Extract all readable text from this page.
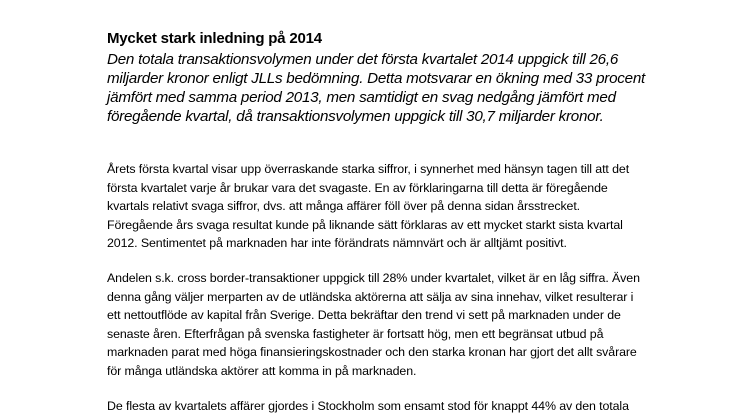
Mycket stark inledning på 2014

Den totala transaktionsvolymen under det första kvartalet 2014 uppgick till 26,6 miljarder kronor enligt JLLs bedömning. Detta motsvarar en ökning med 33 procent jämfört med samma period 2013, men samtidigt en svag nedgång jämfört med föregående kvartal, då transaktionsvolymen uppgick till 30,7 miljarder kronor.

Årets första kvartal visar upp överraskande starka siffror, i synnerhet med hänsyn tagen till att det första kvartalet varje år brukar vara det svagaste. En av förklaringarna till detta är föregående kvartals relativt svaga siffror, dvs. att många affärer föll över på denna sidan årsstrecket. Föregående års svaga resultat kunde på liknande sätt förklaras av ett mycket starkt sista kvartal 2012. Sentimentet på marknaden har inte förändrats nämnvärt och är alltjämt positivt.

Andelen s.k. cross border-transaktioner uppgick till 28% under kvartalet, vilket är en låg siffra. Även denna gång väljer merparten av de utländska aktörerna att sälja av sina innehav, vilket resulterar i ett nettoutflöde av kapital från Sverige. Detta bekräftar den trend vi sett på marknaden under de senaste åren. Efterfrågan på svenska fastigheter är fortsatt hög, men ett begränsat utbud på marknaden parat med höga finansieringskostnader och den starka kronan har gjort det allt svårare för många utländska aktörer att komma in på marknaden.

De flesta av kvartalets affärer gjordes i Stockholm som ensamt stod för knappt 44% av den totala
